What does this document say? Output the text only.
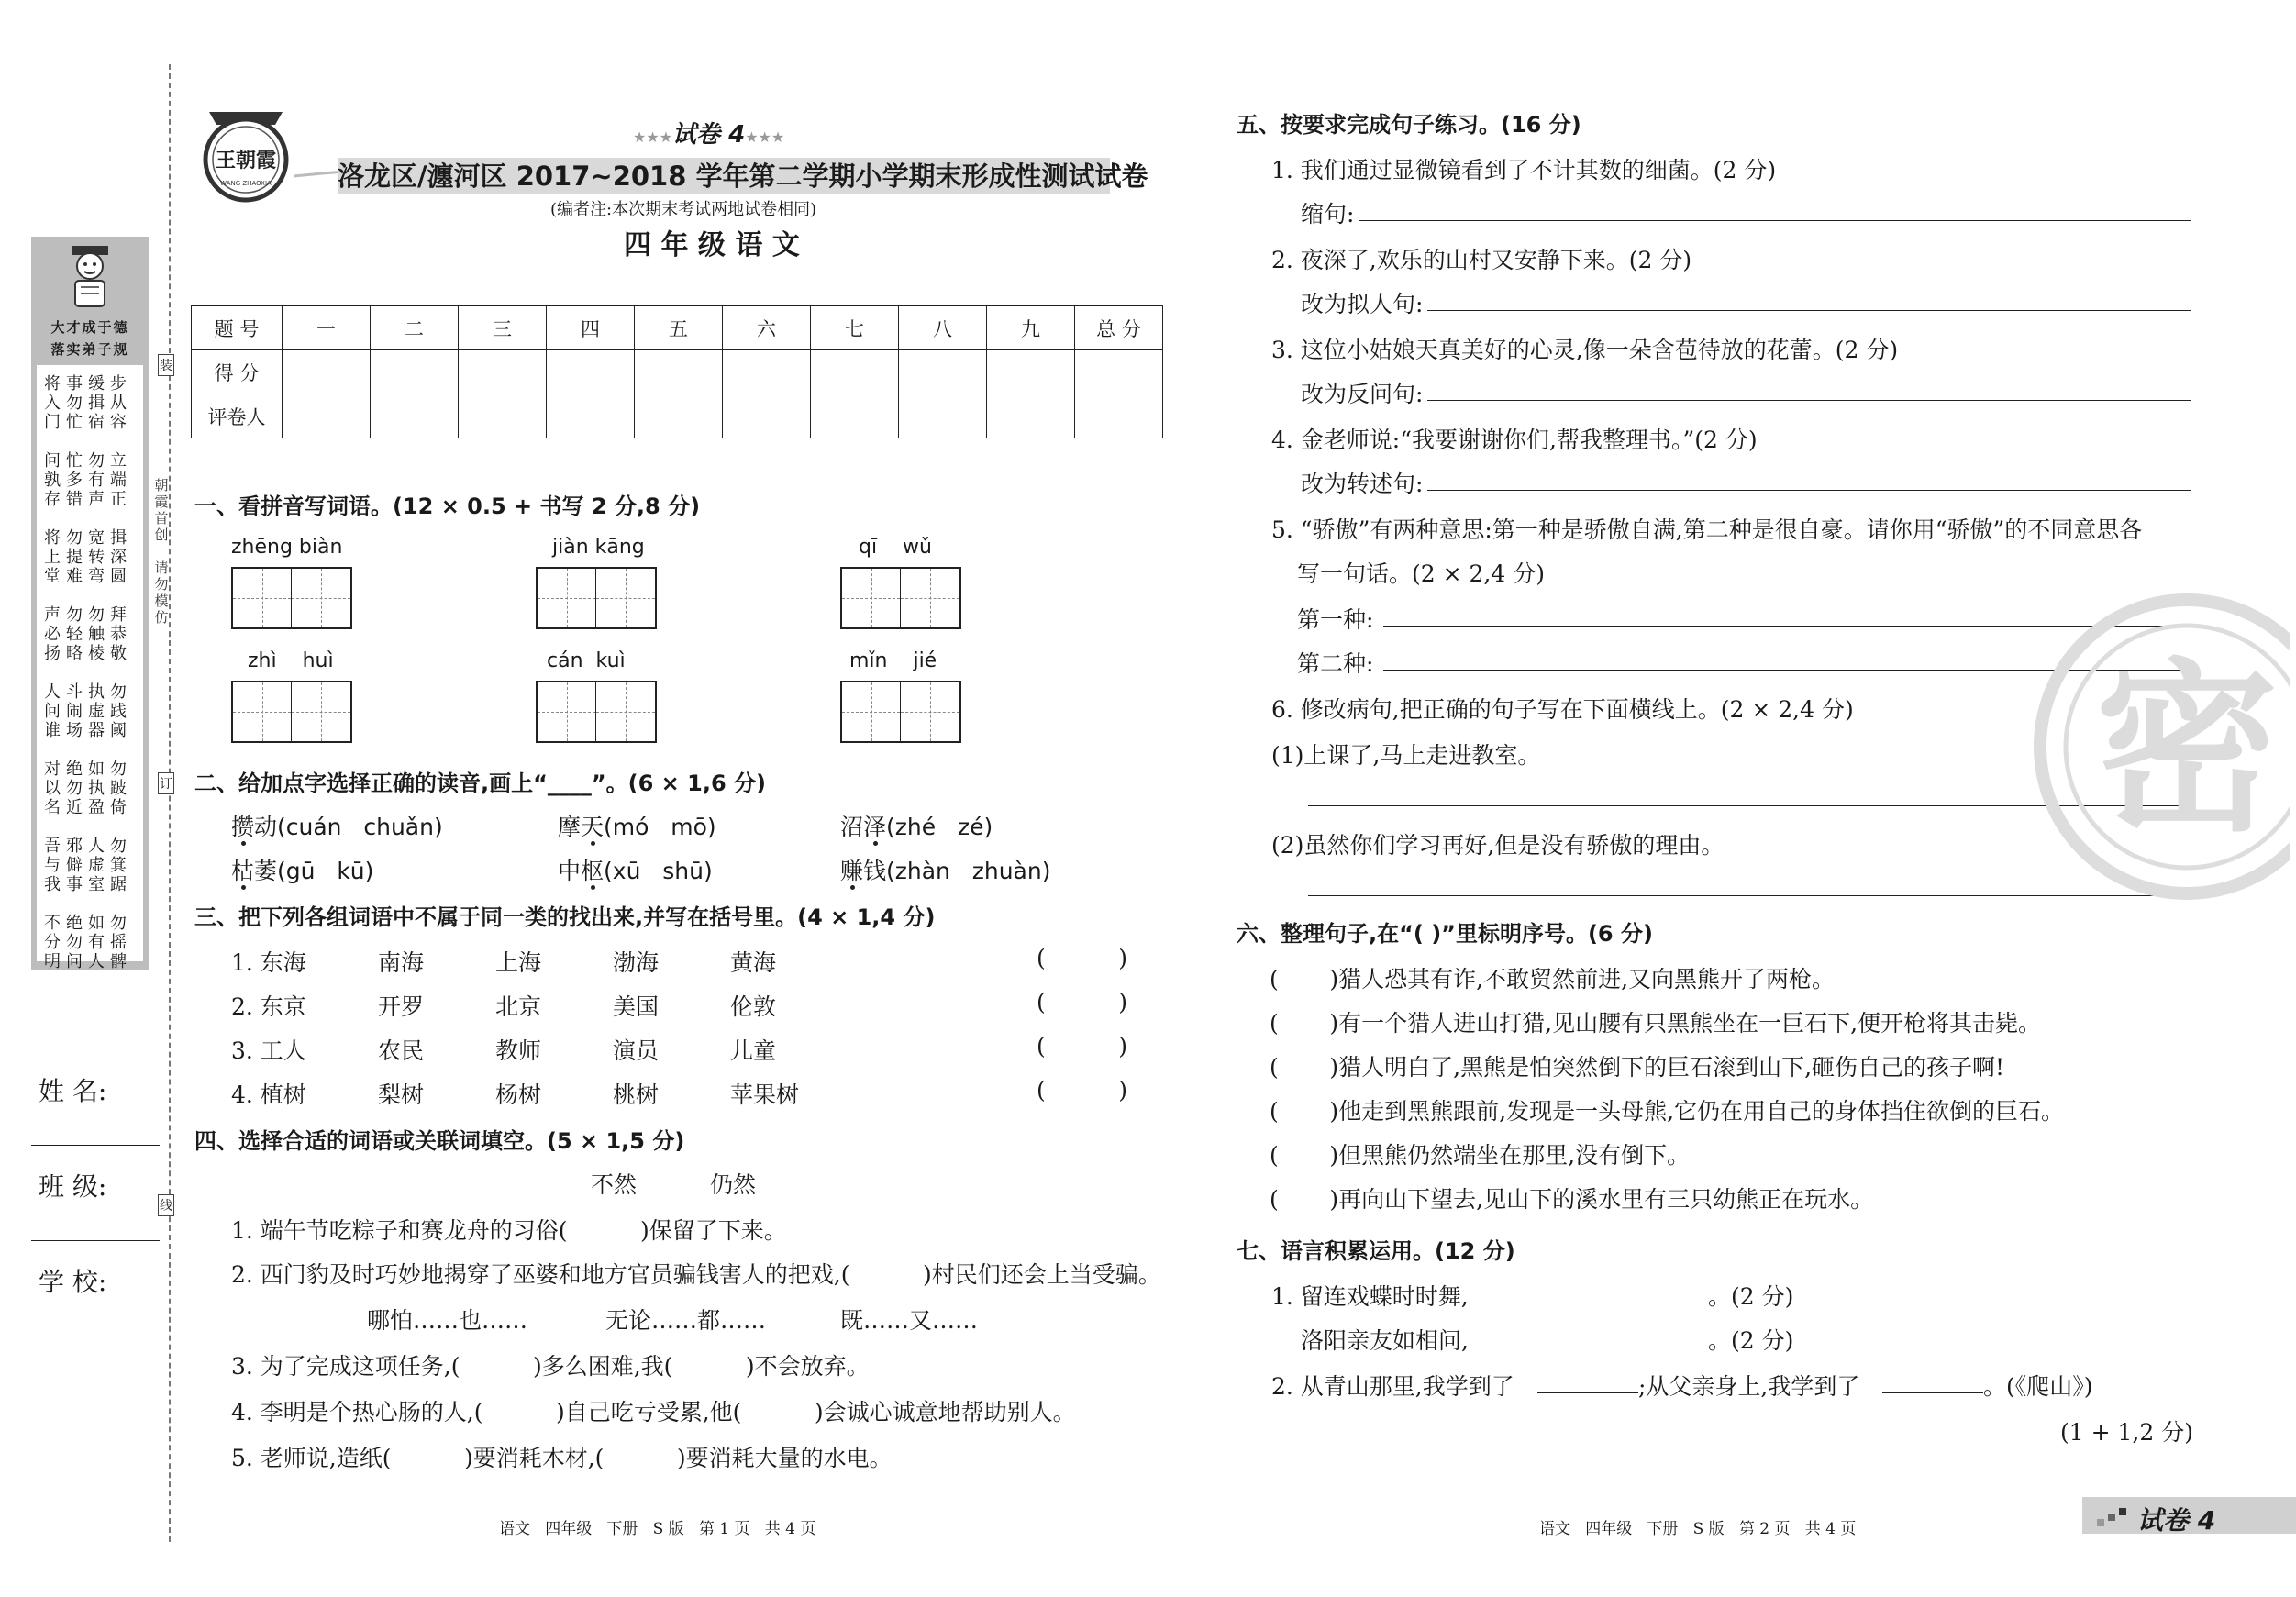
大才成于德
落实弟子规
将事缓步
入勿揖从
门忙宿容

问忙勿立
孰多有端
存错声正

将勿宽揖
上提转深
堂难弯圆

声勿勿拜
必轻触恭
扬略棱敬

人斗执勿
问闹虚践
谁场器阈

对绝如勿
以勿执跛
名近盈倚

吾邪人勿
与僻虚箕
我事室踞

不绝如勿
分勿有摇
明问人髀
朝
霞
首
创

请
勿
模
仿
装
订
线
姓 名:
班 级:
学 校:
王朝霞
WANG ZHAOXIA
★★★试卷 4★★★
洛龙区/瀍河区 2017~2018 学年第二学期小学期末形成性测试试卷
(编者注:本次期末考试两地试卷相同)
四 年 级 语 文
题 号	一	二	三	四	五	六	七	八	九	总 分
得 分										
评卷人										
一、看拼音写词语。(12 × 0.5 + 书写 2 分,8 分)
zhēng biàn	jiàn kāng	qī    wǔ
zhì    huì	cán  kuì	mǐn    jié
二、给加点字选择正确的读音,画上“____”。(6 × 1,6 分)
攒动(cuán   chuǎn)	摩天(mó   mō)	沼泽(zhé   zé)
枯萎(gū   kū)	中枢(xū   shū)	赚钱(zhàn   zhuàn)
三、把下列各组词语中不属于同一类的找出来,并写在括号里。(4 × 1,4 分)
1. 东海	南海	上海	渤海	黄海	(          )
2. 东京	开罗	北京	美国	伦敦	(          )
3. 工人	农民	教师	演员	儿童	(          )
4. 植树	梨树	杨树	桃树	苹果树	(          )
四、选择合适的词语或关联词填空。(5 × 1,5 分)
不然	仍然
1. 端午节吃粽子和赛龙舟的习俗(          )保留了下来。
2. 西门豹及时巧妙地揭穿了巫婆和地方官员骗钱害人的把戏,(          )村民们还会上当受骗。
哪怕……也……	无论……都……	既……又……
3. 为了完成这项任务,(          )多么困难,我(          )不会放弃。
4. 李明是个热心肠的人,(          )自己吃亏受累,他(          )会诚心诚意地帮助别人。
5. 老师说,造纸(          )要消耗木材,(          )要消耗大量的水电。
五、按要求完成句子练习。(16 分)
1. 我们通过显微镜看到了不计其数的细菌。(2 分)
缩句:
2. 夜深了,欢乐的山村又安静下来。(2 分)
改为拟人句:
3. 这位小姑娘天真美好的心灵,像一朵含苞待放的花蕾。(2 分)
改为反问句:
4. 金老师说:“我要谢谢你们,帮我整理书。”(2 分)
改为转述句:
5. “骄傲”有两种意思:第一种是骄傲自满,第二种是很自豪。请你用“骄傲”的不同意思各
写一句话。(2 × 2,4 分)
第一种:
第二种:
6. 修改病句,把正确的句子写在下面横线上。(2 × 2,4 分)
(1)上课了,马上走进教室。
(2)虽然你们学习再好,但是没有骄傲的理由。 密
六、整理句子,在“( )”里标明序号。(6 分)
(       )猎人恐其有诈,不敢贸然前进,又向黑熊开了两枪。
(       )有一个猎人进山打猎,见山腰有只黑熊坐在一巨石下,便开枪将其击毙。
(       )猎人明白了,黑熊是怕突然倒下的巨石滚到山下,砸伤自己的孩子啊!
(       )他走到黑熊跟前,发现是一头母熊,它仍在用自己的身体挡住欲倒的巨石。
(       )但黑熊仍然端坐在那里,没有倒下。
(       )再向山下望去,见山下的溪水里有三只幼熊正在玩水。
七、语言积累运用。(12 分)
1. 留连戏蝶时时舞,	。(2 分)
洛阳亲友如相问,	。(2 分)
2. 从青山那里,我学到了	;从父亲身上,我学到了	。(《爬山》)
(1 + 1,2 分)
语文   四年级   下册   S 版   第 1 页   共 4 页	语文   四年级   下册   S 版   第 2 页   共 4 页	试卷 4
